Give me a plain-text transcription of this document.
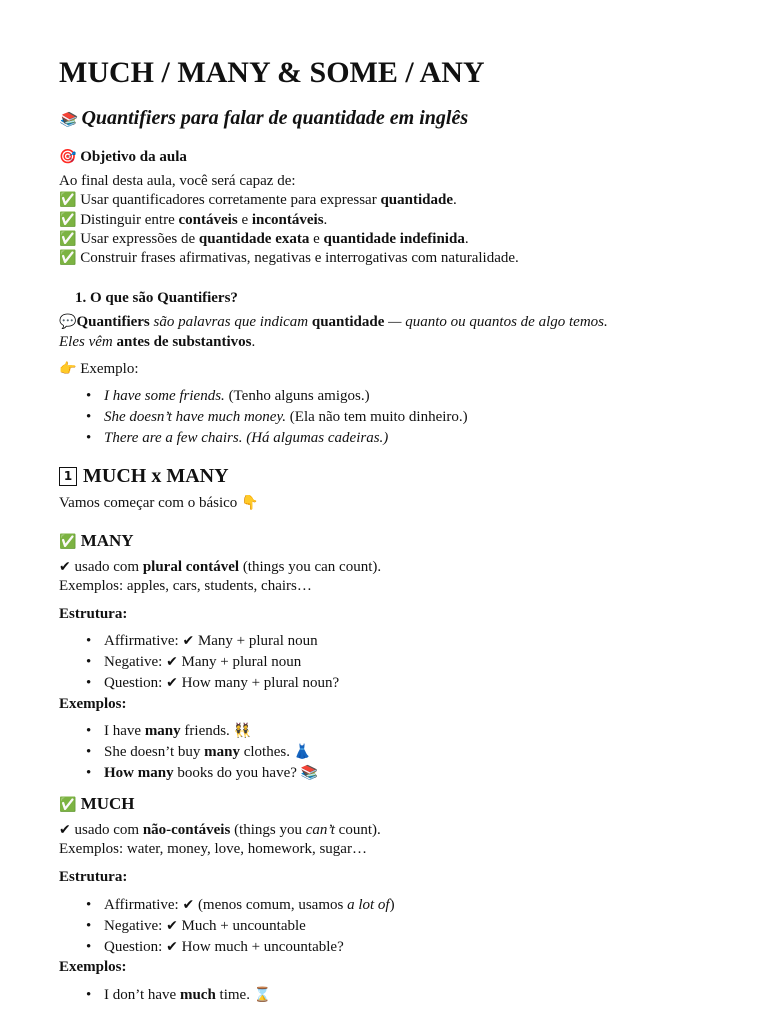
MUCH / MANY & SOME / ANY
📚 Quantifiers para falar de quantidade em inglês
🎯 Objetivo da aula
Ao final desta aula, você será capaz de:
✅ Usar quantificadores corretamente para expressar quantidade.
✅ Distinguir entre contáveis e incontáveis.
✅ Usar expressões de quantidade exata e quantidade indefinida.
✅ Construir frases afirmativas, negativas e interrogativas com naturalidade.
1. O que são Quantifiers?
💬Quantifiers são palavras que indicam quantidade — quanto ou quantos de algo temos.
Eles vêm antes de substantivos.
👉 Exemplo:
• I have some friends. (Tenho alguns amigos.)
• She doesn’t have much money. (Ela não tem muito dinheiro.)
• There are a few chairs. (Há algumas cadeiras.)
1 MUCH x MANY
Vamos começar com o básico 👇
✅ MANY
✔ usado com plural contável (things you can count).
Exemplos: apples, cars, students, chairs…
Estrutura:
• Affirmative: ✔ Many + plural noun
• Negative: ✔ Many + plural noun
• Question: ✔ How many + plural noun?
Exemplos:
• I have many friends. 👯
• She doesn’t buy many clothes. 👗
• How many books do you have? 📚
✅ MUCH
✔ usado com não-contáveis (things you can’t count).
Exemplos: water, money, love, homework, sugar…
Estrutura:
• Affirmative: ✔ (menos comum, usamos a lot of)
• Negative: ✔ Much + uncountable
• Question: ✔ How much + uncountable?
Exemplos:
• I don’t have much time. ⌛
